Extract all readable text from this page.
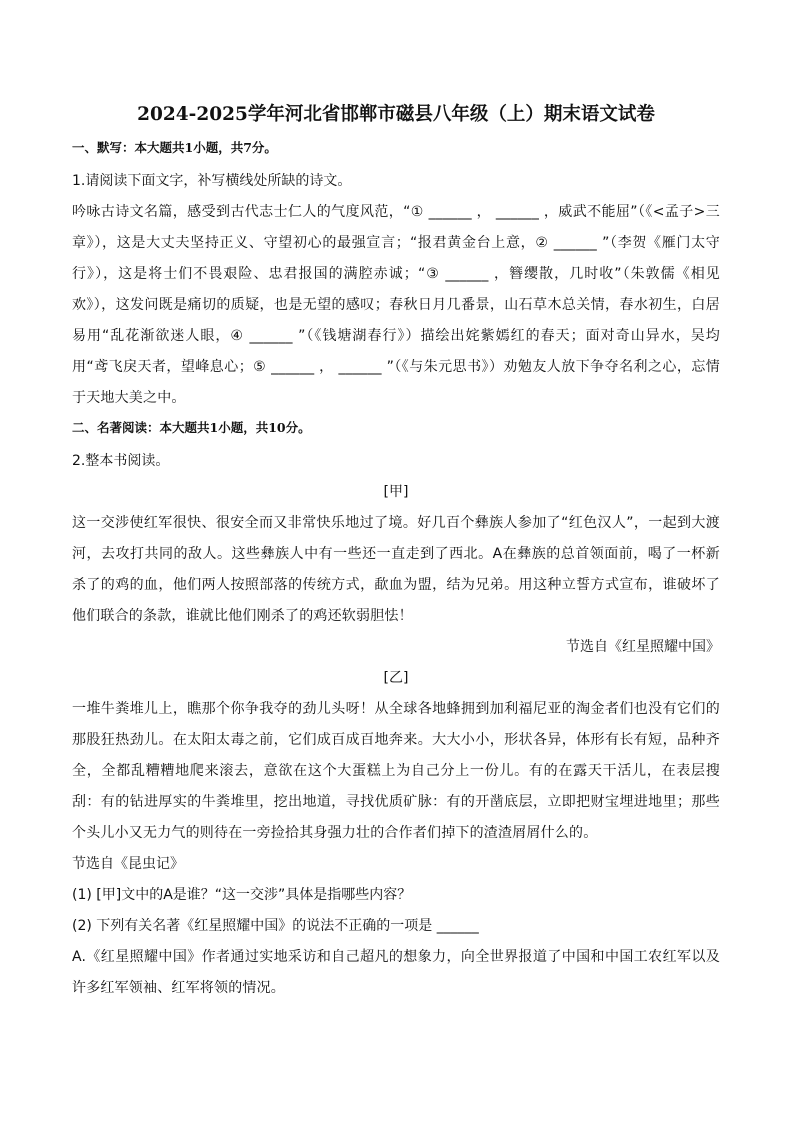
2024-2025学年河北省邯郸市磁县八年级（上）期末语文试卷
一、默写：本大题共1小题，共7分。

1.请阅读下面文字，补写横线处所缺的诗文。

吟咏古诗文名篇，感受到古代志士仁人的气度风范，“① ______ ， ______ ，威武不能屈”（《<孟子>三章》），这是大丈夫坚持正义、守望初心的最强宣言；“报君黄金台上意，② ______ ”（李贺《雁门太守行》），这是将士们不畏艰险、忠君报国的满腔赤诚；“③ ______ ，簪缨散，几时收”（朱敦儒《相见欢》），这发问既是痛切的质疑，也是无望的感叹；春秋日月几番景，山石草木总关情，春水初生，白居易用“乱花渐欲迷人眼，④ ______ ”（《钱塘湖春行》）描绘出姹紫嫣红的春天；面对奇山异水，吴均用“鸢飞戾天者，望峰息心；⑤ ______ ， ______ ”（《与朱元思书》）劝勉友人放下争夺名利之心，忘情于天地大美之中。

二、名著阅读：本大题共1小题，共10分。

2.整本书阅读。

[甲]

这一交涉使红军很快、很安全而又非常快乐地过了境。好几百个彝族人参加了“红色汉人”，一起到大渡河，去攻打共同的敌人。这些彝族人中有一些还一直走到了西北。A在彝族的总首领面前，喝了一杯新杀了的鸡的血，他们两人按照部落的传统方式，歃血为盟，结为兄弟。用这种立誓方式宣布，谁破坏了他们联合的条款，谁就比他们刚杀了的鸡还软弱胆怯！

节选自《红星照耀中国》

[乙]

一堆牛粪堆儿上，瞧那个你争我夺的劲儿头呀！从全球各地蜂拥到加利福尼亚的淘金者们也没有它们的那股狂热劲儿。在太阳太毒之前，它们成百成百地奔来。大大小小，形状各异，体形有长有短，品种齐全，全都乱糟糟地爬来滚去，意欲在这个大蛋糕上为自己分上一份儿。有的在露天干活儿，在表层搜刮：有的钻进厚实的牛粪堆里，挖出地道，寻找优质矿脉：有的开凿底层，立即把财宝埋进地里；那些个头儿小又无力气的则待在一旁捡拾其身强力壮的合作者们掉下的渣渣屑屑什么的。

节选自《昆虫记》

(1) [甲]文中的A是谁？“这一交涉”具体是指哪些内容？

(2) 下列有关名著《红星照耀中国》的说法不正确的一项是 ______

A.《红星照耀中国》作者通过实地采访和自己超凡的想象力，向全世界报道了中国和中国工农红军以及许多红军领袖、红军将领的情况。
